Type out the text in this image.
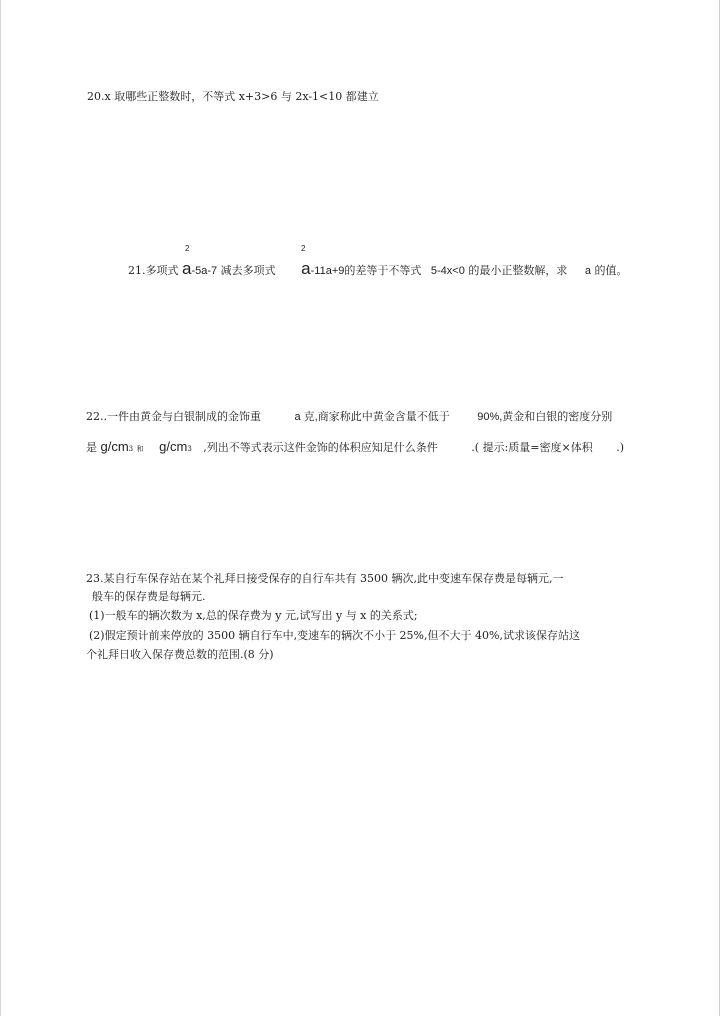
20.x 取哪些正整数时，不等式 x+3>6 与 2x-1<10 都建立
2	2
21.多项式 a-5a-7 减去多项式 a-11a+9的差等于不等式 5-4x<0 的最小正整数解，求 a 的值。
22..一件由黄金与白银制成的金饰重	a 克,商家称此中黄金含量不低于	90%,黄金和白银的密度分别
是 g/cm3 和 g/cm3 ,列出不等式表示这件金饰的体积应知足什么条件	.( 提示:质量=密度×体积 .)
23.某自行车保存站在某个礼拜日接受保存的自行车共有 3500 辆次,此中变速车保存费是每辆元,一
般车的保存费是每辆元.
(1)一般车的辆次数为 x,总的保存费为 y 元,试写出 y 与 x 的关系式;
(2)假定预计前来停放的 3500 辆自行车中,变速车的辆次不小于 25%,但不大于 40%,试求该保存站这
个礼拜日收入保存费总数的范围.(8 分)
